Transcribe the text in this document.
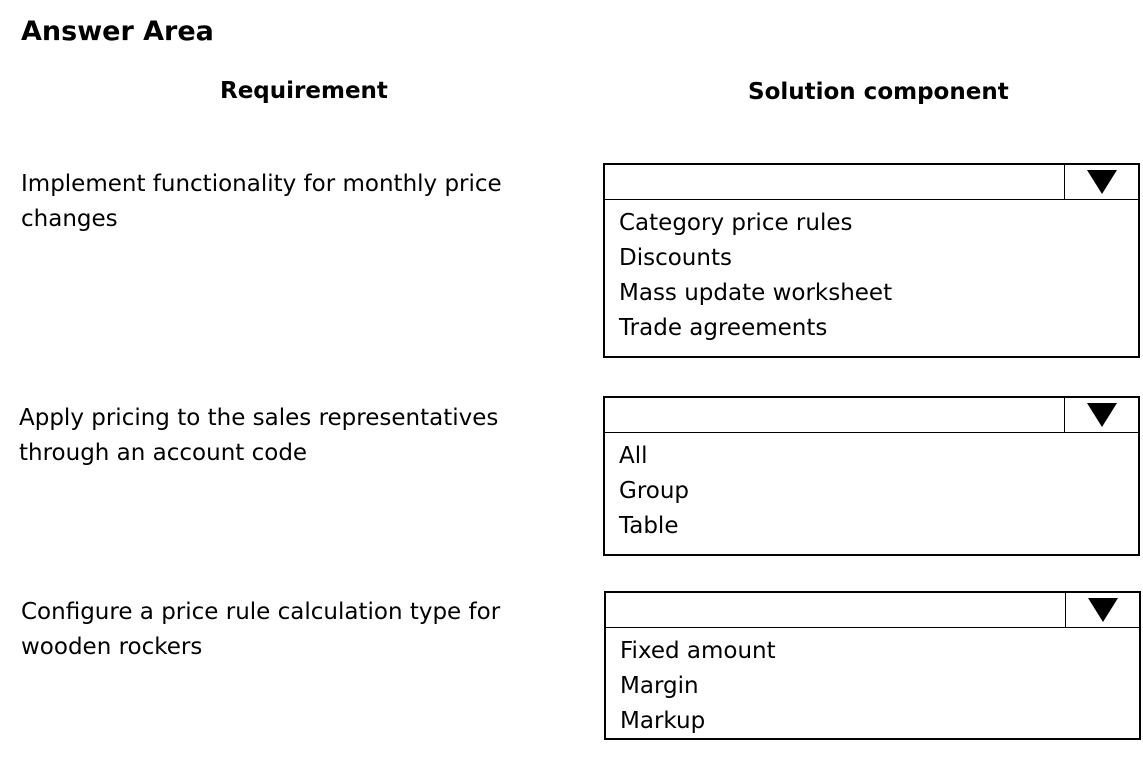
Answer Area
Requirement	Solution component
Implement functionality for monthly price changes	Category price rules
Discounts
Mass update worksheet
Trade agreements
Apply pricing to the sales representatives through an account code	All
Group
Table
Configure a price rule calculation type for wooden rockers	Fixed amount
Margin
Markup
